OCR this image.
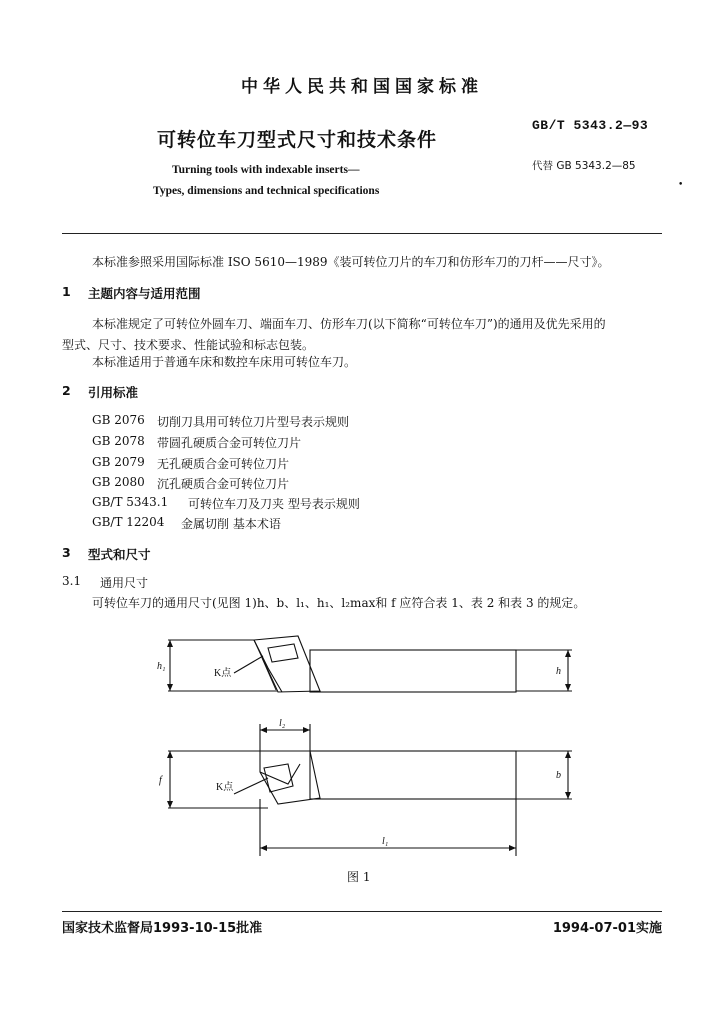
中华人民共和国国家标准
可转位车刀型式尺寸和技术条件
GB/T 5343.2—93
代替 GB 5343.2—85
Turning tools with indexable inserts—
Types, dimensions and technical specifications	•
本标准参照采用国际标准 ISO 5610—1989《装可转位刀片的车刀和仿形车刀的刀杆——尺寸》。
1 主题内容与适用范围
本标准规定了可转位外圆车刀、端面车刀、仿形车刀(以下简称“可转位车刀”)的通用及优先采用的
型式、尺寸、技术要求、性能试验和标志包装。
本标准适用于普通车床和数控车床用可转位车刀。
2 引用标准
GB 2076 切削刀具用可转位刀片型号表示规则
GB 2078 带圆孔硬质合金可转位刀片
GB 2079 无孔硬质合金可转位刀片
GB 2080 沉孔硬质合金可转位刀片
GB/T 5343.1 可转位车刀及刀夹 型号表示规则
GB/T 12204 金属切削 基本术语
3 型式和尺寸
3.1 通用尺寸
可转位车刀的通用尺寸(见图 1)h、b、l₁、h₁、l₂max和 f 应符合表 1、表 2 和表 3 的规定。
h₁	h
K点
f	b
l₂
K点
l₁
图 1
国家技术监督局1993-10-15批准	1994-07-01实施
